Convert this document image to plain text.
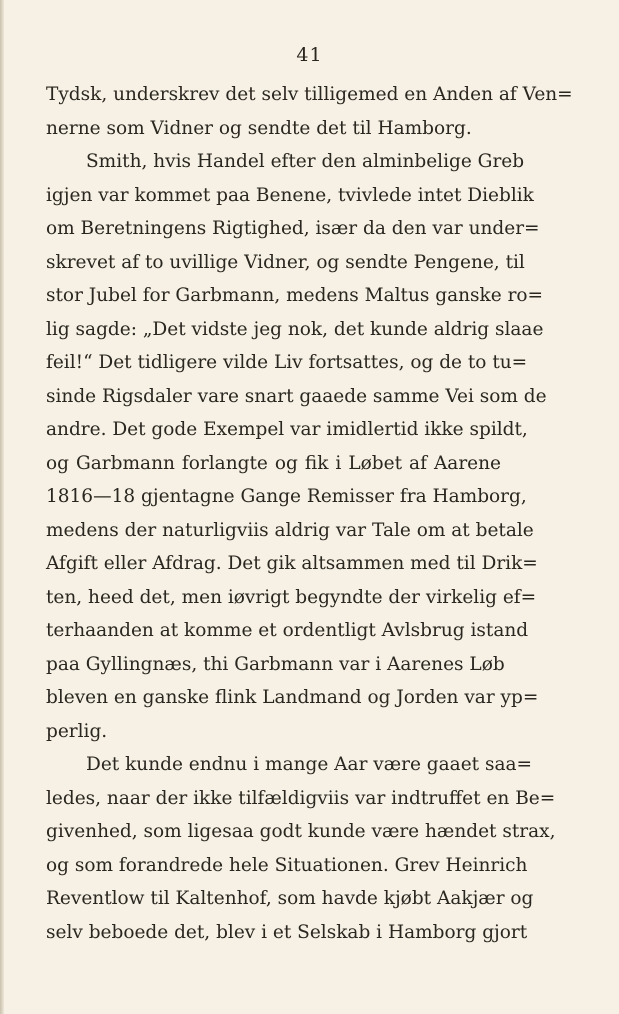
41
Tydsk, underskrev det selv tilligemed en Anden af Ven=
nerne som Vidner og sendte det til Hamborg.
Smith, hvis Handel efter den alminbelige Greb
igjen var kommet paa Benene, tvivlede intet Dieblik
om Beretningens Rigtighed, især da den var under=
skrevet af to uvillige Vidner, og sendte Pengene, til
stor Jubel for Garbmann, medens Maltus ganske ro=
lig sagde: „Det vidste jeg nok, det kunde aldrig slaae
feil!“ Det tidligere vilde Liv fortsattes, og de to tu=
sinde Rigsdaler vare snart gaaede samme Vei som de
andre. Det gode Exempel var imidlertid ikke spildt,
og Garbmann forlangte og fik i Løbet af Aarene
1816—18 gjentagne Gange Remisser fra Hamborg,
medens der naturligviis aldrig var Tale om at betale
Afgift eller Afdrag. Det gik altsammen med til Drik=
ten, heed det, men iøvrigt begyndte der virkelig ef=
terhaanden at komme et ordentligt Avlsbrug istand
paa Gyllingnæs, thi Garbmann var i Aarenes Løb
bleven en ganske flink Landmand og Jorden var yp=
perlig.
Det kunde endnu i mange Aar være gaaet saa=
ledes, naar der ikke tilfældigviis var indtruffet en Be=
givenhed, som ligesaa godt kunde være hændet strax,
og som forandrede hele Situationen. Grev Heinrich
Reventlow til Kaltenhof, som havde kjøbt Aakjær og
selv beboede det, blev i et Selskab i Hamborg gjort
